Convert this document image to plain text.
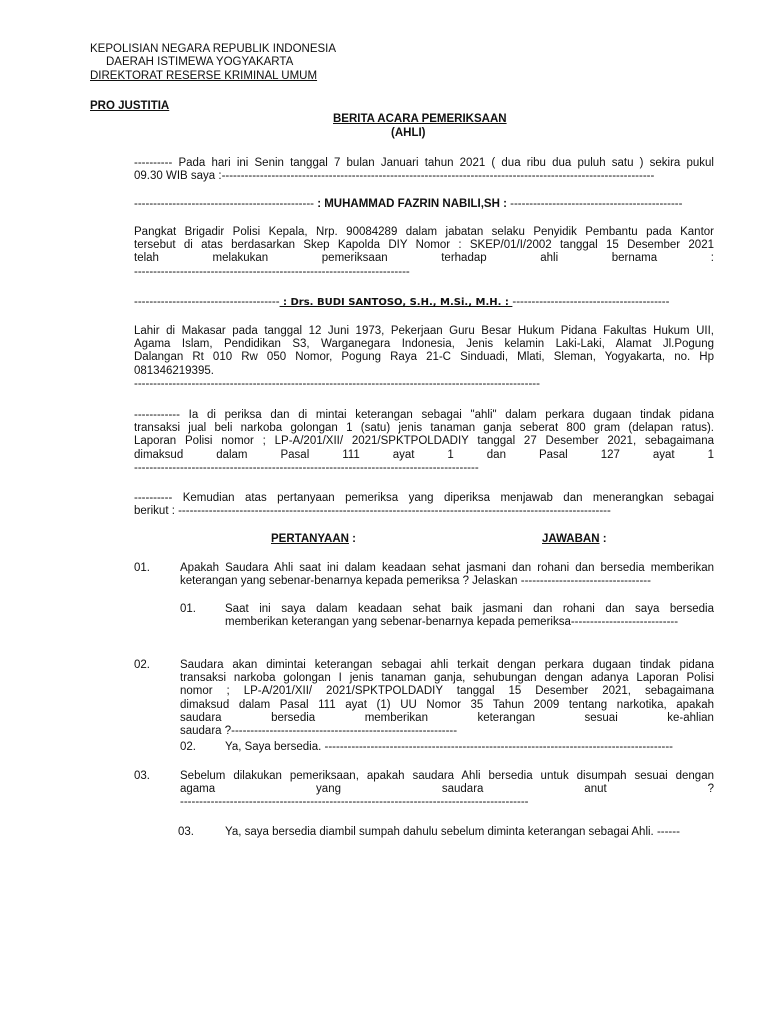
KEPOLISIAN NEGARA REPUBLIK INDONESIA
DAERAH ISTIMEWA YOGYAKARTA
DIREKTORAT RESERSE KRIMINAL UMUM
PRO JUSTITIA
BERITA ACARA PEMERIKSAAN
(AHLI)
---------- Pada hari ini Senin tanggal 7 bulan Januari tahun 2021 ( dua ribu dua puluh satu ) sekira pukul
09.30 WIB saya :-----------------------------------------------------------------------------------------------------------------
----------------------------------------------- : MUHAMMAD FAZRIN NABILI,SH : ---------------------------------------------
Pangkat Brigadir Polisi Kepala, Nrp. 90084289 dalam jabatan selaku Penyidik Pembantu pada Kantor
tersebut di atas berdasarkan Skep Kapolda DIY Nomor : SKEP/01/I/2002 tanggal 15 Desember 2021
telah	melakukan	pemeriksaan	terhadap	ahli	bernama	:
------------------------------------------------------------------------
-------------------------------------- : Drs. BUDI SANTOSO, S.H., M.Si., M.H. : -----------------------------------------
Lahir di Makasar pada tanggal 12 Juni 1973, Pekerjaan Guru Besar Hukum Pidana Fakultas Hukum UII,
Agama Islam, Pendidikan S3, Warganegara Indonesia, Jenis kelamin Laki-Laki, Alamat Jl.Pogung
Dalangan Rt 010 Rw 050 Nomor, Pogung Raya 21-C Sinduadi, Mlati, Sleman, Yogyakarta, no. Hp
081346219395.
----------------------------------------------------------------------------------------------------------
------------ Ia di periksa dan di mintai keterangan sebagai "ahli" dalam perkara dugaan tindak pidana
transaksi jual beli narkoba golongan 1 (satu) jenis tanaman ganja seberat 800 gram (delapan ratus).
Laporan Polisi nomor ; LP-A/201/XII/ 2021/SPKTPOLDADIY tanggal 27 Desember 2021, sebagaimana
dimaksud	dalam	Pasal	111	ayat	1	dan	Pasal	127	ayat	1
------------------------------------------------------------------------------------------
---------- Kemudian atas pertanyaan pemeriksa yang diperiksa menjawab dan menerangkan sebagai
berikut : -----------------------------------------------------------------------------------------------------------------
PERTANYAAN :	JAWABAN :
01.	Apakah Saudara Ahli saat ini dalam keadaan sehat jasmani dan rohani dan bersedia memberikan
keterangan yang sebenar-benarnya kepada pemeriksa ? Jelaskan ----------------------------------
01.	Saat ini saya dalam keadaan sehat baik jasmani dan rohani dan saya bersedia
memberikan keterangan yang sebenar-benarnya kepada pemeriksa----------------------------
02.	Saudara akan dimintai keterangan sebagai ahli terkait dengan perkara dugaan tindak pidana
transaksi narkoba golongan I jenis tanaman ganja, sehubungan dengan adanya Laporan Polisi
nomor ; LP-A/201/XII/ 2021/SPKTPOLDADIY tanggal 15 Desember 2021, sebagaimana
dimaksud dalam Pasal 111 ayat (1) UU Nomor 35 Tahun 2009 tentang narkotika, apakah
saudara	bersedia	memberikan	keterangan	sesuai	ke-ahlian
saudara ?-----------------------------------------------------------
02.	Ya, Saya bersedia. -------------------------------------------------------------------------------------------
03.	Sebelum dilakukan pemeriksaan, apakah saudara Ahli bersedia untuk disumpah sesuai dengan
agama	yang	saudara	anut	?
-------------------------------------------------------------------------------------------
03.	Ya, saya bersedia diambil sumpah dahulu sebelum diminta keterangan sebagai Ahli. ------
